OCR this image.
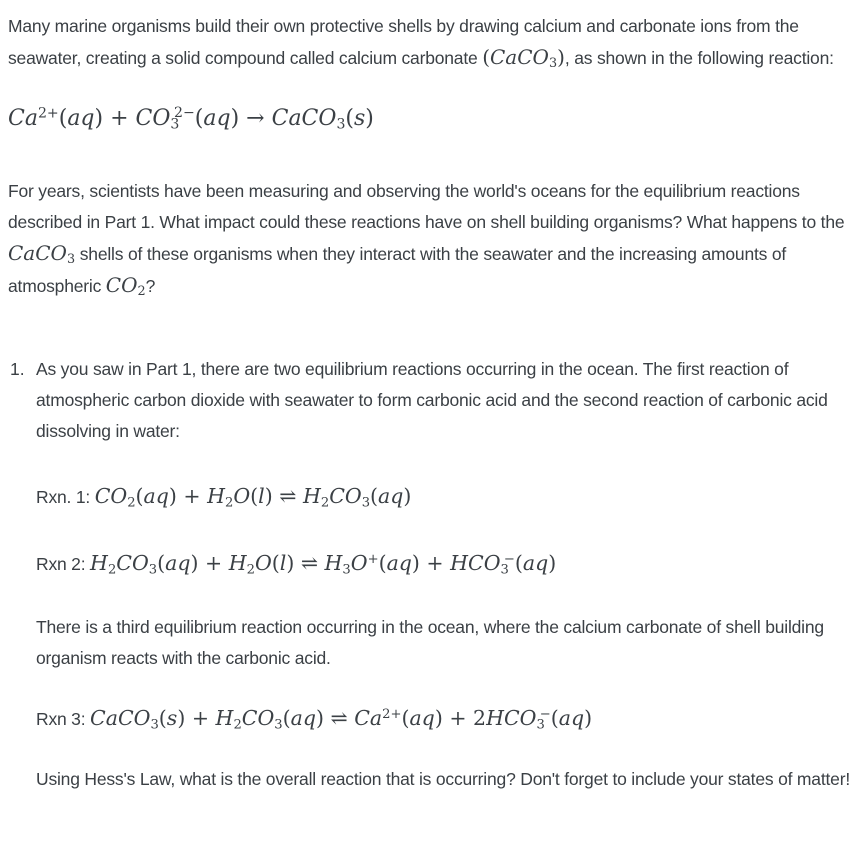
Many marine organisms build their own protective shells by drawing calcium and carbonate ions from the seawater, creating a solid compound called calcium carbonate (CaCO$_3$), as shown in the following reaction:

$Ca^{2+}(aq) + CO_3^{2-}(aq)$ → CaCO$_3$(s)

For years, scientists have been measuring and observing the world's oceans for the equilibrium reactions described in Part 1. What impact could these reactions have on shell building organisms? What happens to the CaCO$_3$ shells of these organisms when they interact with the seawater and the increasing amounts of atmospheric $CO_2$?

1. As you saw in Part 1, there are two equilibrium reactions occurring in the ocean. The first reaction of atmospheric carbon dioxide with seawater to form carbonic acid and the second reaction of carbonic acid dissolving in water:

Rxn. 1: $CO_2(aq) + H_2O(l)$ ⇌ $H_2CO_3(aq)$

Rxn 2: $H_2CO_3(aq) + H_2O(l)$ ⇌ $H_3O^+(aq) + HCO_3^-(aq)$

There is a third equilibrium reaction occurring in the ocean, where the calcium carbonate of shell building organism reacts with the carbonic acid.

Rxn 3: CaCO$_3$(s) + $H_2CO_3(aq)$ ⇌ $Ca^{2+}(aq) + 2HCO_3^-(aq)$

Using Hess's Law, what is the overall reaction that is occurring? Don't forget to include your states of matter!
